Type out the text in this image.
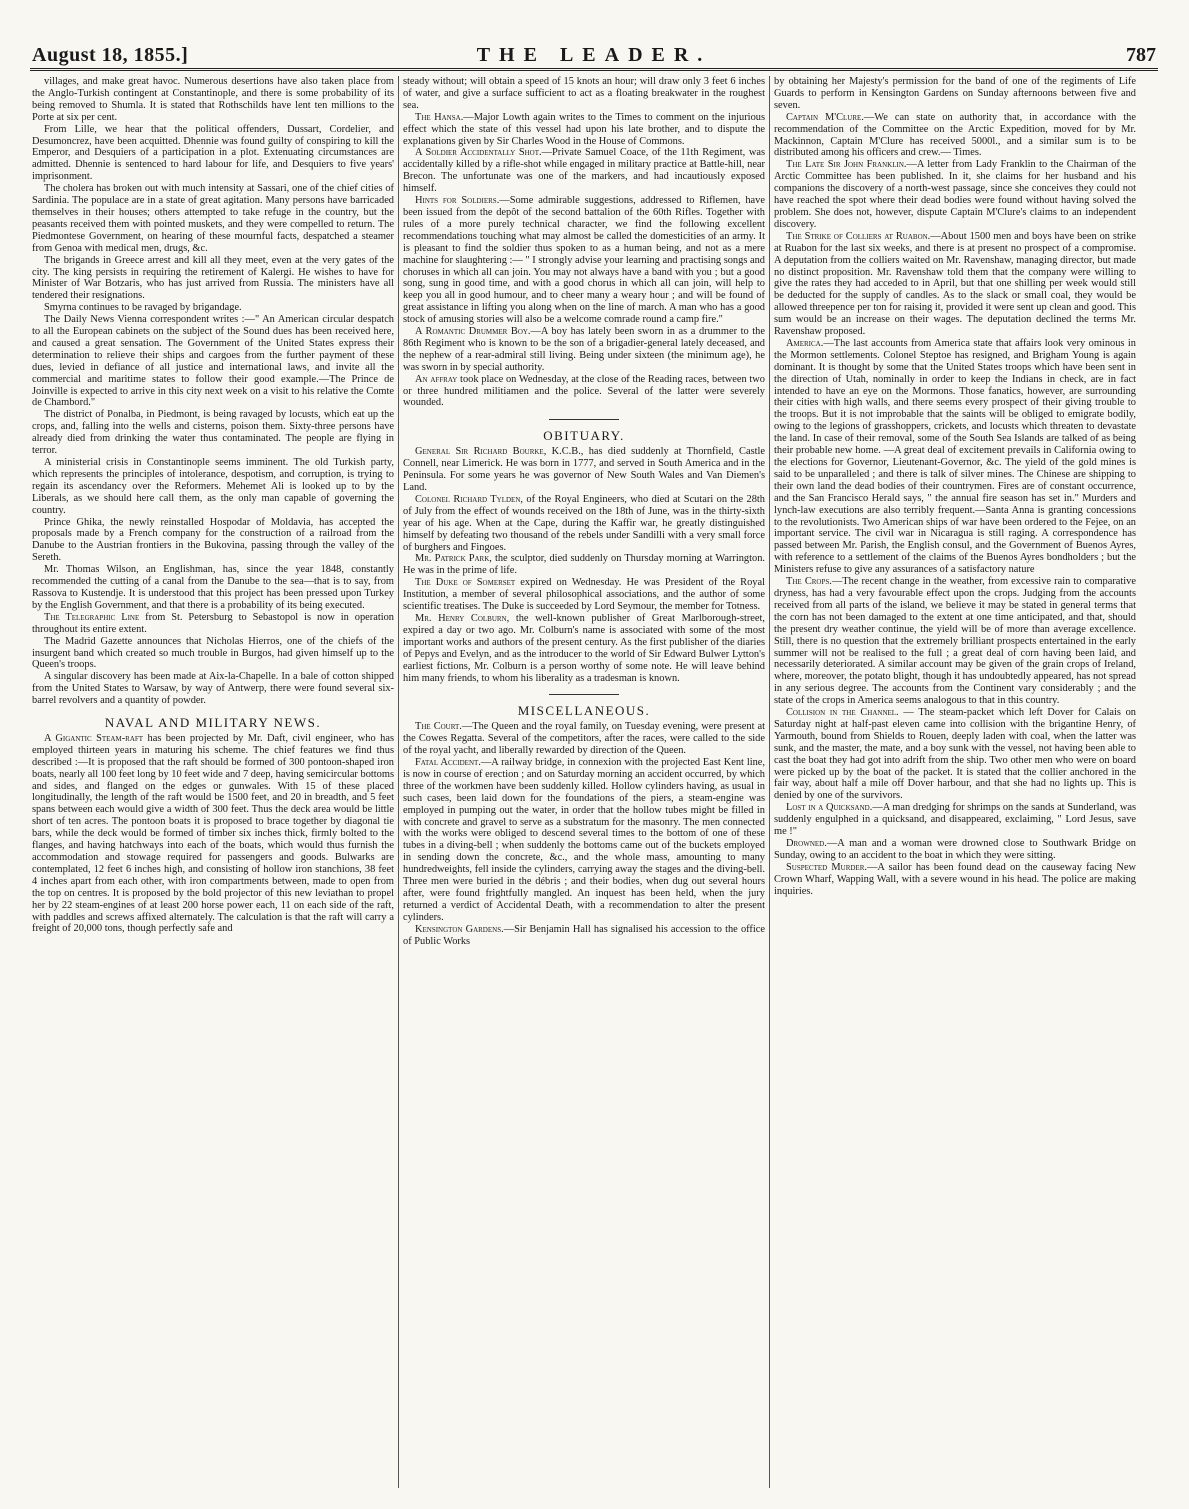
August 18, 1855.]	THE LEADER.	787

villages, and make great havoc. Numerous desertions have also taken place from the Anglo-Turkish contingent at Constantinople, and there is some probability of its being removed to Shumla. It is stated that Rothschilds have lent ten millions to the Porte at six per cent.

From Lille, we hear that the political offenders, Dussart, Cordelier, and Desumoncrez, have been acquitted. Dhennie was found guilty of conspiring to kill the Emperor, and Desquiers of a participation in a plot. Extenuating circumstances are admitted. Dhennie is sentenced to hard labour for life, and Desquiers to five years' imprisonment.

The cholera has broken out with much intensity at Sassari, one of the chief cities of Sardinia. The populace are in a state of great agitation. Many persons have barricaded themselves in their houses; others attempted to take refuge in the country, but the peasants received them with pointed muskets, and they were compelled to return. The Piedmontese Government, on hearing of these mournful facts, despatched a steamer from Genoa with medical men, drugs, &c.

The brigands in Greece arrest and kill all they meet, even at the very gates of the city. The king persists in requiring the retirement of Kalergi. He wishes to have for Minister of War Botzaris, who has just arrived from Russia. The ministers have all tendered their resignations.

Smyrna continues to be ravaged by brigandage.

The Daily News Vienna correspondent writes :—" An American circular despatch to all the European cabinets on the subject of the Sound dues has been received here, and caused a great sensation. The Government of the United States express their determination to relieve their ships and cargoes from the further payment of these dues, levied in defiance of all justice and international laws, and invite all the commercial and maritime states to follow their good example.—The Prince de Joinville is expected to arrive in this city next week on a visit to his relative the Comte de Chambord."

The district of Ponalba, in Piedmont, is being ravaged by locusts, which eat up the crops, and, falling into the wells and cisterns, poison them. Sixty-three persons have already died from drinking the water thus contaminated. The people are flying in terror.

A ministerial crisis in Constantinople seems imminent. The old Turkish party, which represents the principles of intolerance, despotism, and corruption, is trying to regain its ascendancy over the Reformers. Mehemet Ali is looked up to by the Liberals, as we should here call them, as the only man capable of governing the country.

Prince Ghika, the newly reinstalled Hospodar of Moldavia, has accepted the proposals made by a French company for the construction of a railroad from the Danube to the Austrian frontiers in the Bukovina, passing through the valley of the Sereth.

Mr. Thomas Wilson, an Englishman, has, since the year 1848, constantly recommended the cutting of a canal from the Danube to the sea—that is to say, from Rassova to Kustendje. It is understood that this project has been pressed upon Turkey by the English Government, and that there is a probability of its being executed.

The Telegraphic Line from St. Petersburg to Sebastopol is now in operation throughout its entire extent.

The Madrid Gazette announces that Nicholas Hierros, one of the chiefs of the insurgent band which created so much trouble in Burgos, had given himself up to the Queen's troops.

A singular discovery has been made at Aix-la-Chapelle. In a bale of cotton shipped from the United States to Warsaw, by way of Antwerp, there were found several six-barrel revolvers and a quantity of powder.

NAVAL AND MILITARY NEWS.

A Gigantic Steam-raft has been projected by Mr. Daft, civil engineer, who has employed thirteen years in maturing his scheme. The chief features we find thus described :—It is proposed that the raft should be formed of 300 pontoon-shaped iron boats, nearly all 100 feet long by 10 feet wide and 7 deep, having semicircular bottoms and sides, and flanged on the edges or gunwales. With 15 of these placed longitudinally, the length of the raft would be 1500 feet, and 20 in breadth, and 5 feet spans between each would give a width of 300 feet. Thus the deck area would be little short of ten acres. The pontoon boats it is proposed to brace together by diagonal tie bars, while the deck would be formed of timber six inches thick, firmly bolted to the flanges, and having hatchways into each of the boats, which would thus furnish the accommodation and stowage required for passengers and goods. Bulwarks are contemplated, 12 feet 6 inches high, and consisting of hollow iron stanchions, 38 feet 4 inches apart from each other, with iron compartments between, made to open from the top on centres. It is proposed by the bold projector of this new leviathan to propel her by 22 steam-engines of at least 200 horse power each, 11 on each side of the raft, with paddles and screws affixed alternately. The calculation is that the raft will carry a freight of 20,000 tons, though perfectly safe and

steady without; will obtain a speed of 15 knots an hour; will draw only 3 feet 6 inches of water, and give a surface sufficient to act as a floating breakwater in the roughest sea.

The Hansa.—Major Lowth again writes to the Times to comment on the injurious effect which the state of this vessel had upon his late brother, and to dispute the explanations given by Sir Charles Wood in the House of Commons.

A Soldier Accidentally Shot.—Private Samuel Coace, of the 11th Regiment, was accidentally killed by a rifle-shot while engaged in military practice at Battle-hill, near Brecon. The unfortunate was one of the markers, and had incautiously exposed himself.

Hints for Soldiers.—Some admirable suggestions, addressed to Riflemen, have been issued from the depôt of the second battalion of the 60th Rifles. Together with rules of a more purely technical character, we find the following excellent recommendations touching what may almost be called the domesticities of an army. It is pleasant to find the soldier thus spoken to as a human being, and not as a mere machine for slaughtering :— " I strongly advise your learning and practising songs and choruses in which all can join. You may not always have a band with you ; but a good song, sung in good time, and with a good chorus in which all can join, will help to keep you all in good humour, and to cheer many a weary hour ; and will be found of great assistance in lifting you along when on the line of march. A man who has a good stock of amusing stories will also be a welcome comrade round a camp fire."

A Romantic Drummer Boy.—A boy has lately been sworn in as a drummer to the 86th Regiment who is known to be the son of a brigadier-general lately deceased, and the nephew of a rear-admiral still living. Being under sixteen (the minimum age), he was sworn in by special authority.

An affray took place on Wednesday, at the close of the Reading races, between two or three hundred militiamen and the police. Several of the latter were severely wounded.

OBITUARY.

General Sir Richard Bourke, K.C.B., has died suddenly at Thornfield, Castle Connell, near Limerick. He was born in 1777, and served in South America and in the Peninsula. For some years he was governor of New South Wales and Van Diemen's Land.

Colonel Richard Tylden, of the Royal Engineers, who died at Scutari on the 28th of July from the effect of wounds received on the 18th of June, was in the thirty-sixth year of his age. When at the Cape, during the Kaffir war, he greatly distinguished himself by defeating two thousand of the rebels under Sandilli with a very small force of burghers and Fingoes.

Mr. Patrick Park, the sculptor, died suddenly on Thursday morning at Warrington. He was in the prime of life.

The Duke of Somerset expired on Wednesday. He was President of the Royal Institution, a member of several philosophical associations, and the author of some scientific treatises. The Duke is succeeded by Lord Seymour, the member for Totness.

Mr. Henry Colburn, the well-known publisher of Great Marlborough-street, expired a day or two ago. Mr. Colburn's name is associated with some of the most important works and authors of the present century. As the first publisher of the diaries of Pepys and Evelyn, and as the introducer to the world of Sir Edward Bulwer Lytton's earliest fictions, Mr. Colburn is a person worthy of some note. He will leave behind him many friends, to whom his liberality as a tradesman is known.

MISCELLANEOUS.

The Court.—The Queen and the royal family, on Tuesday evening, were present at the Cowes Regatta. Several of the competitors, after the races, were called to the side of the royal yacht, and liberally rewarded by direction of the Queen.

Fatal Accident.—A railway bridge, in connexion with the projected East Kent line, is now in course of erection ; and on Saturday morning an accident occurred, by which three of the workmen have been suddenly killed. Hollow cylinders having, as usual in such cases, been laid down for the foundations of the piers, a steam-engine was employed in pumping out the water, in order that the hollow tubes might be filled in with concrete and gravel to serve as a substratum for the masonry. The men connected with the works were obliged to descend several times to the bottom of one of these tubes in a diving-bell ; when suddenly the bottoms came out of the buckets employed in sending down the concrete, &c., and the whole mass, amounting to many hundredweights, fell inside the cylinders, carrying away the stages and the diving-bell. Three men were buried in the débris ; and their bodies, when dug out several hours after, were found frightfully mangled. An inquest has been held, when the jury returned a verdict of Accidental Death, with a recommendation to alter the present cylinders.

Kensington Gardens.—Sir Benjamin Hall has signalised his accession to the office of Public Works

by obtaining her Majesty's permission for the band of one of the regiments of Life Guards to perform in Kensington Gardens on Sunday afternoons between five and seven.

Captain M'Clure.—We can state on authority that, in accordance with the recommendation of the Committee on the Arctic Expedition, moved for by Mr. Mackinnon, Captain M'Clure has received 5000l., and a similar sum is to be distributed among his officers and crew.— Times.

The Late Sir John Franklin.—A letter from Lady Franklin to the Chairman of the Arctic Committee has been published. In it, she claims for her husband and his companions the discovery of a north-west passage, since she conceives they could not have reached the spot where their dead bodies were found without having solved the problem. She does not, however, dispute Captain M'Clure's claims to an independent discovery.

The Strike of Colliers at Ruabon.—About 1500 men and boys have been on strike at Ruabon for the last six weeks, and there is at present no prospect of a compromise. A deputation from the colliers waited on Mr. Ravenshaw, managing director, but made no distinct proposition. Mr. Ravenshaw told them that the company were willing to give the rates they had acceded to in April, but that one shilling per week would still be deducted for the supply of candles. As to the slack or small coal, they would be allowed threepence per ton for raising it, provided it were sent up clean and good. This sum would be an increase on their wages. The deputation declined the terms Mr. Ravenshaw proposed.

America.—The last accounts from America state that affairs look very ominous in the Mormon settlements. Colonel Steptoe has resigned, and Brigham Young is again dominant. It is thought by some that the United States troops which have been sent in the direction of Utah, nominally in order to keep the Indians in check, are in fact intended to have an eye on the Mormons. Those fanatics, however, are surrounding their cities with high walls, and there seems every prospect of their giving trouble to the troops. But it is not improbable that the saints will be obliged to emigrate bodily, owing to the legions of grasshoppers, crickets, and locusts which threaten to devastate the land. In case of their removal, some of the South Sea Islands are talked of as being their probable new home. —A great deal of excitement prevails in California owing to the elections for Governor, Lieutenant-Governor, &c. The yield of the gold mines is said to be unparalleled ; and there is talk of silver mines. The Chinese are shipping to their own land the dead bodies of their countrymen. Fires are of constant occurrence, and the San Francisco Herald says, " the annual fire season has set in." Murders and lynch-law executions are also terribly frequent.—Santa Anna is granting concessions to the revolutionists. Two American ships of war have been ordered to the Fejee, on an important service. The civil war in Nicaragua is still raging. A correspondence has passed between Mr. Parish, the English consul, and the Government of Buenos Ayres, with reference to a settlement of the claims of the Buenos Ayres bondholders ; but the Ministers refuse to give any assurances of a satisfactory nature

The Crops.—The recent change in the weather, from excessive rain to comparative dryness, has had a very favourable effect upon the crops. Judging from the accounts received from all parts of the island, we believe it may be stated in general terms that the corn has not been damaged to the extent at one time anticipated, and that, should the present dry weather continue, the yield will be of more than average excellence. Still, there is no question that the extremely brilliant prospects entertained in the early summer will not be realised to the full ; a great deal of corn having been laid, and necessarily deteriorated. A similar account may be given of the grain crops of Ireland, where, moreover, the potato blight, though it has undoubtedly appeared, has not spread in any serious degree. The accounts from the Continent vary considerably ; and the state of the crops in America seems analogous to that in this country.

Collision in the Channel. — The steam-packet which left Dover for Calais on Saturday night at half-past eleven came into collision with the brigantine Henry, of Yarmouth, bound from Shields to Rouen, deeply laden with coal, when the latter was sunk, and the master, the mate, and a boy sunk with the vessel, not having been able to cast the boat they had got into adrift from the ship. Two other men who were on board were picked up by the boat of the packet. It is stated that the collier anchored in the fair way, about half a mile off Dover harbour, and that she had no lights up. This is denied by one of the survivors.

Lost in a Quicksand.—A man dredging for shrimps on the sands at Sunderland, was suddenly engulphed in a quicksand, and disappeared, exclaiming, " Lord Jesus, save me !"

Drowned.—A man and a woman were drowned close to Southwark Bridge on Sunday, owing to an accident to the boat in which they were sitting.

Suspected Murder.—A sailor has been found dead on the causeway facing New Crown Wharf, Wapping Wall, with a severe wound in his head. The police are making inquiries.
